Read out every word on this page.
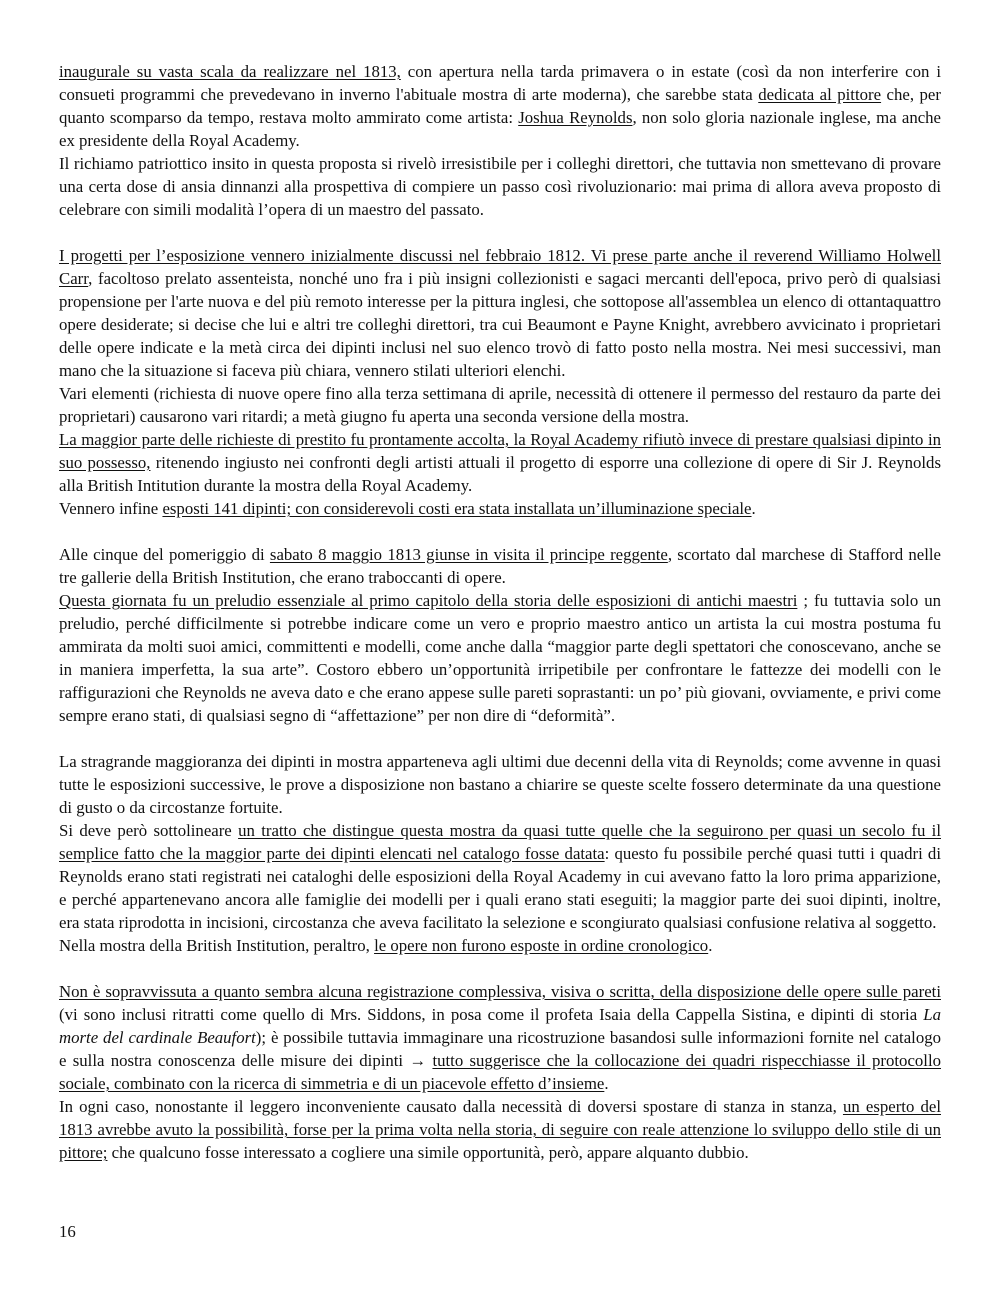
inaugurale su vasta scala da realizzare nel 1813, con apertura nella tarda primavera o in estate (così da non interferire con i consueti programmi che prevedevano in inverno l'abituale mostra di arte moderna), che sarebbe stata dedicata al pittore che, per quanto scomparso da tempo, restava molto ammirato come artista: Joshua Reynolds, non solo gloria nazionale inglese, ma anche ex presidente della Royal Academy.

Il richiamo patriottico insito in questa proposta si rivelò irresistibile per i colleghi direttori, che tuttavia non smettevano di provare una certa dose di ansia dinnanzi alla prospettiva di compiere un passo così rivoluzionario: mai prima di allora aveva proposto di celebrare con simili modalità l’opera di un maestro del passato.

I progetti per l’esposizione vennero inizialmente discussi nel febbraio 1812. Vi prese parte anche il reverend Williamo Holwell Carr, facoltoso prelato assenteista, nonché uno fra i più insigni collezionisti e sagaci mercanti dell'epoca, privo però di qualsiasi propensione per l'arte nuova e del più remoto interesse per la pittura inglesi, che sottopose all'assemblea un elenco di ottantaquattro opere desiderate; si decise che lui e altri tre colleghi direttori, tra cui Beaumont e Payne Knight, avrebbero avvicinato i proprietari delle opere indicate e la metà circa dei dipinti inclusi nel suo elenco trovò di fatto posto nella mostra. Nei mesi successivi, man mano che la situazione si faceva più chiara, vennero stilati ulteriori elenchi.

Vari elementi (richiesta di nuove opere fino alla terza settimana di aprile, necessità di ottenere il permesso del restauro da parte dei proprietari) causarono vari ritardi; a metà giugno fu aperta una seconda versione della mostra.

La maggior parte delle richieste di prestito fu prontamente accolta, la Royal Academy rifiutò invece di prestare qualsiasi dipinto in suo possesso, ritenendo ingiusto nei confronti degli artisti attuali il progetto di esporre una collezione di opere di Sir J. Reynolds alla British Intitution durante la mostra della Royal Academy.

Vennero infine esposti 141 dipinti; con considerevoli costi era stata installata un’illuminazione speciale.

Alle cinque del pomeriggio di sabato 8 maggio 1813 giunse in visita il principe reggente, scortato dal marchese di Stafford nelle tre gallerie della British Institution, che erano traboccanti di opere.

Questa giornata fu un preludio essenziale al primo capitolo della storia delle esposizioni di antichi maestri ; fu tuttavia solo un preludio, perché difficilmente si potrebbe indicare come un vero e proprio maestro antico un artista la cui mostra postuma fu ammirata da molti suoi amici, committenti e modelli, come anche dalla “maggior parte degli spettatori che conoscevano, anche se in maniera imperfetta, la sua arte”. Costoro ebbero un’opportunità irripetibile per confrontare le fattezze dei modelli con le raffigurazioni che Reynolds ne aveva dato e che erano appese sulle pareti soprastanti: un po’ più giovani, ovviamente, e privi come sempre erano stati, di qualsiasi segno di “affettazione” per non dire di “deformità”.

La stragrande maggioranza dei dipinti in mostra apparteneva agli ultimi due decenni della vita di Reynolds; come avvenne in quasi tutte le esposizioni successive, le prove a disposizione non bastano a chiarire se queste scelte fossero determinate da una questione di gusto o da circostanze fortuite.

Si deve però sottolineare un tratto che distingue questa mostra da quasi tutte quelle che la seguirono per quasi un secolo fu il semplice fatto che la maggior parte dei dipinti elencati nel catalogo fosse datata: questo fu possibile perché quasi tutti i quadri di Reynolds erano stati registrati nei cataloghi delle esposizioni della Royal Academy in cui avevano fatto la loro prima apparizione, e perché appartenevano ancora alle famiglie dei modelli per i quali erano stati eseguiti; la maggior parte dei suoi dipinti, inoltre, era stata riprodotta in incisioni, circostanza che aveva facilitato la selezione e scongiurato qualsiasi confusione relativa al soggetto.

Nella mostra della British Institution, peraltro, le opere non furono esposte in ordine cronologico.

Non è sopravvissuta a quanto sembra alcuna registrazione complessiva, visiva o scritta, della disposizione delle opere sulle pareti (vi sono inclusi ritratti come quello di Mrs. Siddons, in posa come il profeta Isaia della Cappella Sistina, e dipinti di storia La morte del cardinale Beaufort); è possibile tuttavia immaginare una ricostruzione basandosi sulle informazioni fornite nel catalogo e sulla nostra conoscenza delle misure dei dipinti → tutto suggerisce che la collocazione dei quadri rispecchiasse il protocollo sociale, combinato con la ricerca di simmetria e di un piacevole effetto d’insieme.

In ogni caso, nonostante il leggero inconveniente causato dalla necessità di doversi spostare di stanza in stanza, un esperto del 1813 avrebbe avuto la possibilità, forse per la prima volta nella storia, di seguire con reale attenzione lo sviluppo dello stile di un pittore; che qualcuno fosse interessato a cogliere una simile opportunità, però, appare alquanto dubbio.

16
